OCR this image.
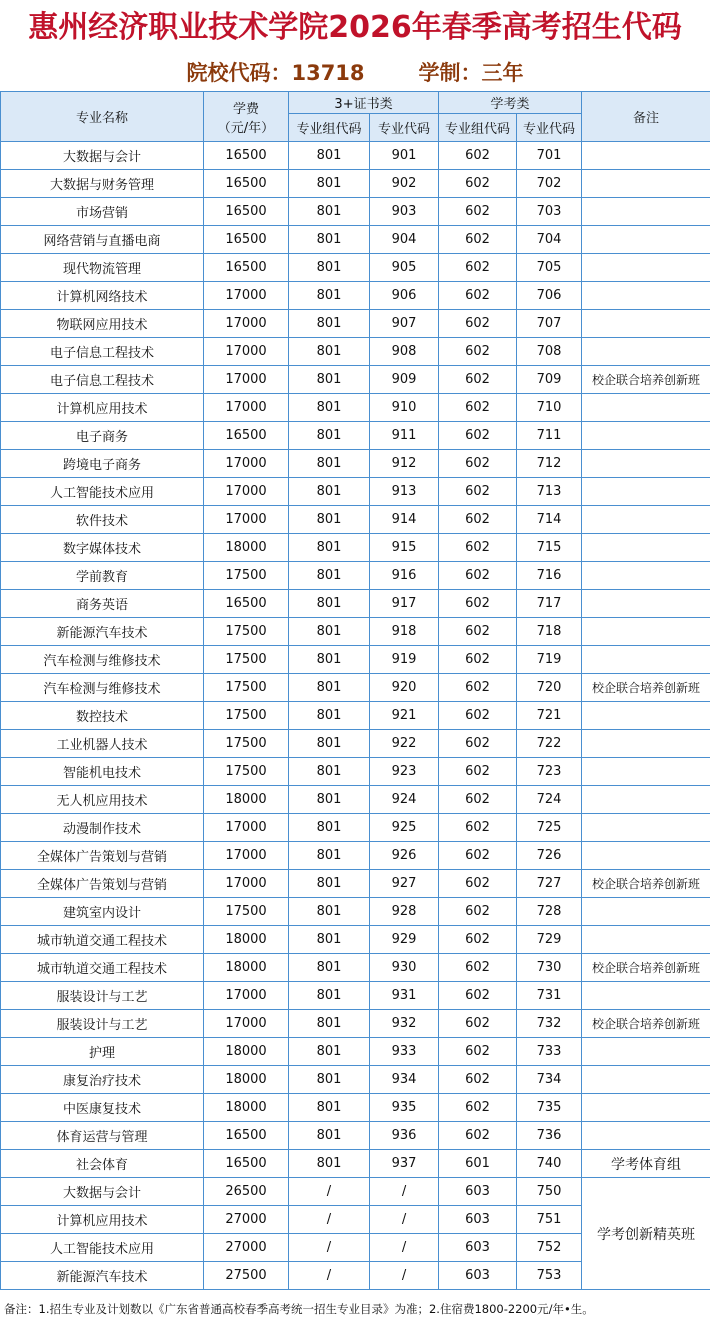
惠州经济职业技术学院2026年春季高考招生代码
院校代码：13718	学制：三年
专业名称	学费
（元/年）	3+证书类		学考类		备注
		专业组代码	专业代码	专业组代码	专业代码	
大数据与会计	16500	801	901	602	701	
大数据与财务管理	16500	801	902	602	702	
市场营销	16500	801	903	602	703	
网络营销与直播电商	16500	801	904	602	704	
现代物流管理	16500	801	905	602	705	
计算机网络技术	17000	801	906	602	706	
物联网应用技术	17000	801	907	602	707	
电子信息工程技术	17000	801	908	602	708	
电子信息工程技术	17000	801	909	602	709	校企联合培养创新班
计算机应用技术	17000	801	910	602	710	
电子商务	16500	801	911	602	711	
跨境电子商务	17000	801	912	602	712	
人工智能技术应用	17000	801	913	602	713	
软件技术	17000	801	914	602	714	
数字媒体技术	18000	801	915	602	715	
学前教育	17500	801	916	602	716	
商务英语	16500	801	917	602	717	
新能源汽车技术	17500	801	918	602	718	
汽车检测与维修技术	17500	801	919	602	719	
汽车检测与维修技术	17500	801	920	602	720	校企联合培养创新班
数控技术	17500	801	921	602	721	
工业机器人技术	17500	801	922	602	722	
智能机电技术	17500	801	923	602	723	
无人机应用技术	18000	801	924	602	724	
动漫制作技术	17000	801	925	602	725	
全媒体广告策划与营销	17000	801	926	602	726	
全媒体广告策划与营销	17000	801	927	602	727	校企联合培养创新班
建筑室内设计	17500	801	928	602	728	
城市轨道交通工程技术	18000	801	929	602	729	
城市轨道交通工程技术	18000	801	930	602	730	校企联合培养创新班
服装设计与工艺	17000	801	931	602	731	
服装设计与工艺	17000	801	932	602	732	校企联合培养创新班
护理	18000	801	933	602	733	
康复治疗技术	18000	801	934	602	734	
中医康复技术	18000	801	935	602	735	
体育运营与管理	16500	801	936	602	736	
社会体育	16500	801	937	601	740	学考体育组
大数据与会计	26500	/	/	603	750	学考创新精英班
计算机应用技术	27000	/	/	603	751	
人工智能技术应用	27000	/	/	603	752	
新能源汽车技术	27500	/	/	603	753	
备注：1.招生专业及计划数以《广东省普通高校春季高考统一招生专业目录》为准；2.住宿费1800-2200元/年•生。
